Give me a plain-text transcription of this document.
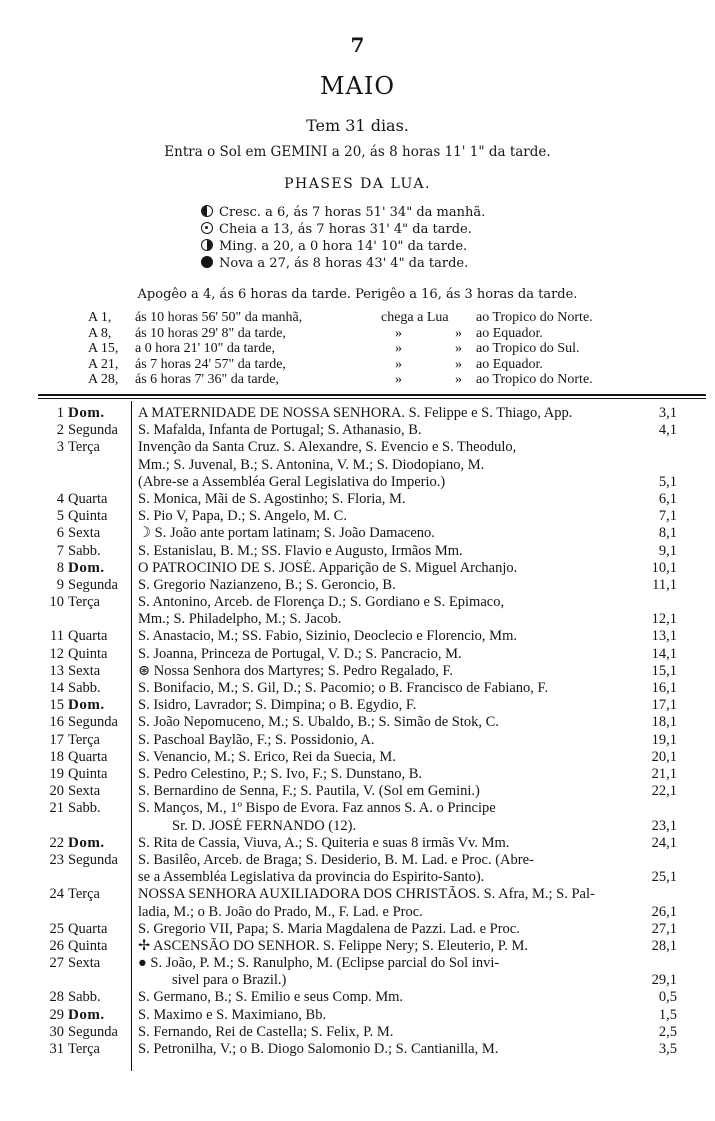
7
MAIO
Tem 31 dias.
Entra o Sol em GEMINI a 20, ás 8 horas 11' 1" da tarde.
PHASES DA LUA.
Cresc. a 6, ás 7 horas 51' 34" da manhã.
Cheia a 13, ás 7 horas 31' 4" da tarde.
Ming. a 20, a 0 hora 14' 10" da tarde.
Nova a 27, ás 8 horas 43' 4" da tarde.
Apogêo a 4, ás 6 horas da tarde. Perigêo a 16, ás 3 horas da tarde.
A 1, ás 10 horas 56' 50" da manhã,	chega a Lua ao Tropico do Norte.
A 8, ás 10 horas 29' 8" da tarde,	»	» ao Equador.
A 15, a 0 hora 21' 10" da tarde,	»	» ao Tropico do Sul.
A 21, ás 7 horas 24' 57" da tarde,	»	» ao Equador.
A 28, ás 6 horas 7' 36" da tarde,	»	» ao Tropico do Norte.
1 Dom. A MATERNIDADE DE NOSSA SENHORA. S. Felippe e S. Thiago, App.	3,1
2 Segunda S. Mafalda, Infanta de Portugal; S. Athanasio, B.	4,1
3 Terça	Invenção da Santa Cruz. S. Alexandre, S. Evencio e S. Theodulo,
Mm.; S. Juvenal, B.; S. Antonina, V. M.; S. Diodopiano, M.
(Abre-se a Assembléa Geral Legislativa do Imperio.)	5,1
4 Quarta S. Monica, Mãi de S. Agostinho; S. Floria, M.	6,1
5 Quinta S. Pio V, Papa, D.; S. Angelo, M. C.	7,1
6 Sexta	☽ S. João ante portam latinam; S. João Damaceno.	8,1
7 Sabb.	S. Estanislau, B. M.; SS. Flavio e Augusto, Irmãos Mm.	9,1
8 Dom. O PATROCINIO DE S. JOSÉ. Apparição de S. Miguel Archanjo.	10,1
9 Segunda S. Gregorio Nazianzeno, B.; S. Geroncio, B.	11,1
10 Terça	S. Antonino, Arceb. de Florença D.; S. Gordiano e S. Epimaco,
Mm.; S. Philadelpho, M.; S. Jacob.	12,1
11 Quarta S. Anastacio, M.; SS. Fabio, Sizinio, Deoclecio e Florencio, Mm.	13,1
12 Quinta S. Joanna, Princeza de Portugal, V. D.; S. Pancracio, M.	14,1
13 Sexta	⊛ Nossa Senhora dos Martyres; S. Pedro Regalado, F.	15,1
14 Sabb.	S. Bonifacio, M.; S. Gil, D.; S. Pacomio; o B. Francisco de Fabiano, F.	16,1
15 Dom. S. Isidro, Lavrador; S. Dimpina; o B. Egydio, F.	17,1
16 Segunda S. João Nepomuceno, M.; S. Ubaldo, B.; S. Simão de Stok, C.	18,1
17 Terça	S. Paschoal Baylão, F.; S. Possidonio, A.	19,1
18 Quarta S. Venancio, M.; S. Erico, Rei da Suecia, M.	20,1
19 Quinta S. Pedro Celestino, P.; S. Ivo, F.; S. Dunstano, B.	21,1
20 Sexta	S. Bernardino de Senna, F.; S. Pautila, V. (Sol em Gemini.)	22,1
21 Sabb.	S. Manços, M., 1º Bispo de Evora. Faz annos S. A. o Principe
Sr. D. JOSÉ FERNANDO (12).	23,1
22 Dom. S. Rita de Cassia, Viuva, A.; S. Quiteria e suas 8 irmãs Vv. Mm.	24,1
23 Segunda S. Basilêo, Arceb. de Braga; S. Desiderio, B. M. Lad. e Proc. (Abre-
se a Assembléa Legislativa da provincia do Espirito-Santo).	25,1
24 Terça	NOSSA SENHORA AUXILIADORA DOS CHRISTÃOS. S. Afra, M.; S. Pal-
ladia, M.; o B. João do Prado, M., F. Lad. e Proc.	26,1
25 Quarta S. Gregorio VII, Papa; S. Maria Magdalena de Pazzi. Lad. e Proc.	27,1
26 Quinta ✢ ASCENSÃO DO SENHOR. S. Felippe Nery; S. Eleuterio, P. M.	28,1
27 Sexta	● S. João, P. M.; S. Ranulpho, M. (Eclipse parcial do Sol invi-
sivel para o Brazil.)	29,1
28 Sabb.	S. Germano, B.; S. Emilio e seus Comp. Mm.	0,5
29 Dom. S. Maximo e S. Maximiano, Bb.	1,5
30 Segunda S. Fernando, Rei de Castella; S. Felix, P. M.	2,5
31 Terça	S. Petronilha, V.; o B. Diogo Salomonio D.; S. Cantianilla, M.	3,5
